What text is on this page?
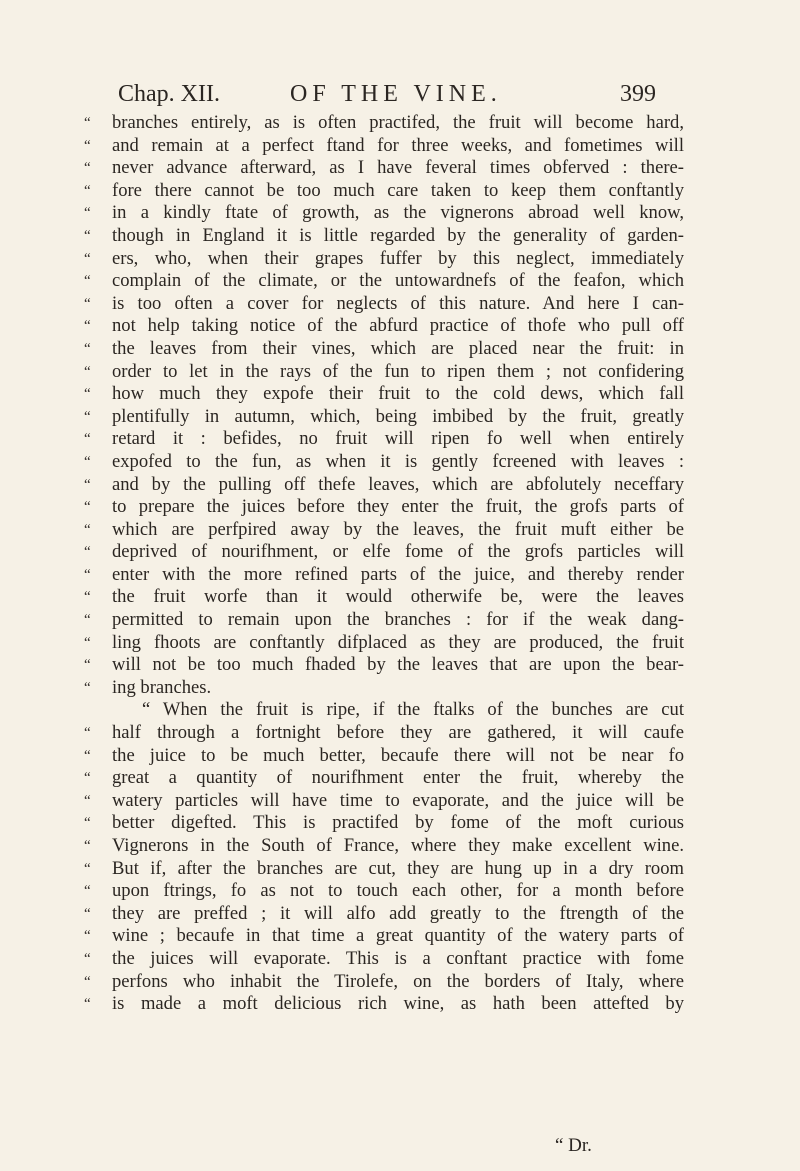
Chap. XII.	OF THE VINE.	399
“	branches entirely, as is often practifed, the fruit will become hard,
“	and remain at a perfect ftand for three weeks, and fometimes will
“	never advance afterward, as I have feveral times obferved : there-
“	fore there cannot be too much care taken to keep them conftantly
“	in a kindly ftate of growth, as the vignerons abroad well know,
“	though in England it is little regarded by the generality of garden-
“	ers, who, when their grapes fuffer by this neglect, immediately
“	complain of the climate, or the untowardnefs of the feafon, which
“	is too often a cover for neglects of this nature. And here I can-
“	not help taking notice of the abfurd practice of thofe who pull off
“	the leaves from their vines, which are placed near the fruit: in
“	order to let in the rays of the fun to ripen them ; not confidering
“	how much they expofe their fruit to the cold dews, which fall
“	plentifully in autumn, which, being imbibed by the fruit, greatly
“	retard it : befides, no fruit will ripen fo well when entirely
“	expofed to the fun, as when it is gently fcreened with leaves :
“	and by the pulling off thefe leaves, which are abfolutely neceffary
“	to prepare the juices before they enter the fruit, the grofs parts of
“	which are perfpired away by the leaves, the fruit muft either be
“	deprived of nourifhment, or elfe fome of the grofs particles will
“	enter with the more refined parts of the juice, and thereby render
“	the fruit worfe than it would otherwife be, were the leaves
“	permitted to remain upon the branches : for if the weak dang-
“	ling fhoots are conftantly difplaced as they are produced, the fruit
“	will not be too much fhaded by the leaves that are upon the bear-
“	ing branches.
“ When the fruit is ripe, if the ftalks of the bunches are cut
“	half through a fortnight before they are gathered, it will caufe
“	the juice to be much better, becaufe there will not be near fo
“	great a quantity of nourifhment enter the fruit, whereby the
“	watery particles will have time to evaporate, and the juice will be
“	better digefted. This is practifed by fome of the moft curious
“	Vignerons in the South of France, where they make excellent wine.
“	But if, after the branches are cut, they are hung up in a dry room
“	upon ftrings, fo as not to touch each other, for a month before
“	they are preffed ; it will alfo add greatly to the ftrength of the
“	wine ; becaufe in that time a great quantity of the watery parts of
“	the juices will evaporate. This is a conftant practice with fome
“	perfons who inhabit the Tirolefe, on the borders of Italy, where
“	is made a moft delicious rich wine, as hath been attefted by
“ Dr.
